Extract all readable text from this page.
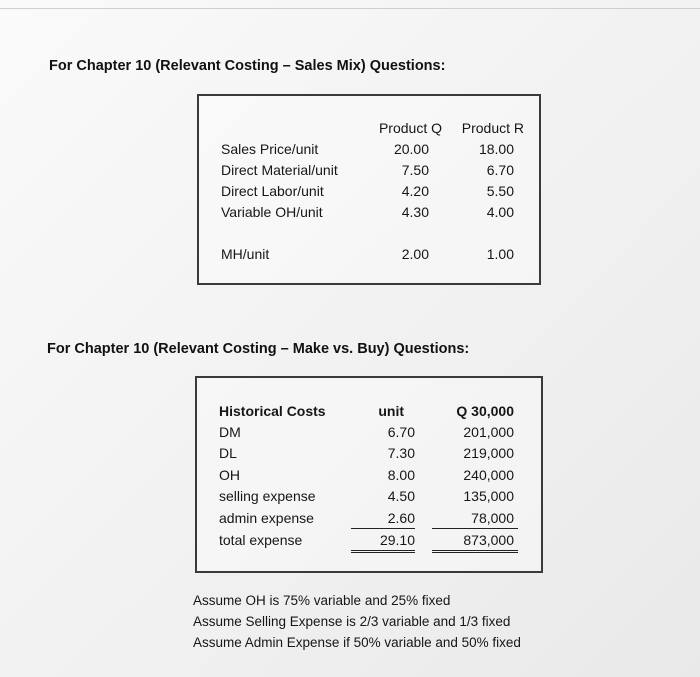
For Chapter 10 (Relevant Costing – Sales Mix) Questions:
Product Q Product R
Sales Price/unit	20.00	18.00
Direct Material/unit	7.50	6.70
Direct Labor/unit	4.20	5.50
Variable OH/unit	4.30	4.00
MH/unit	2.00	1.00
For Chapter 10 (Relevant Costing – Make vs. Buy) Questions:
Historical Costs	unit	Q 30,000
DM	6.70	201,000
DL	7.30	219,000
OH	8.00	240,000
selling expense	4.50	135,000
admin expense	2.60	78,000
total expense	29.10	873,000
Assume OH is 75% variable and 25% fixed
Assume Selling Expense is 2/3 variable and 1/3 fixed
Assume Admin Expense if 50% variable and 50% fixed
